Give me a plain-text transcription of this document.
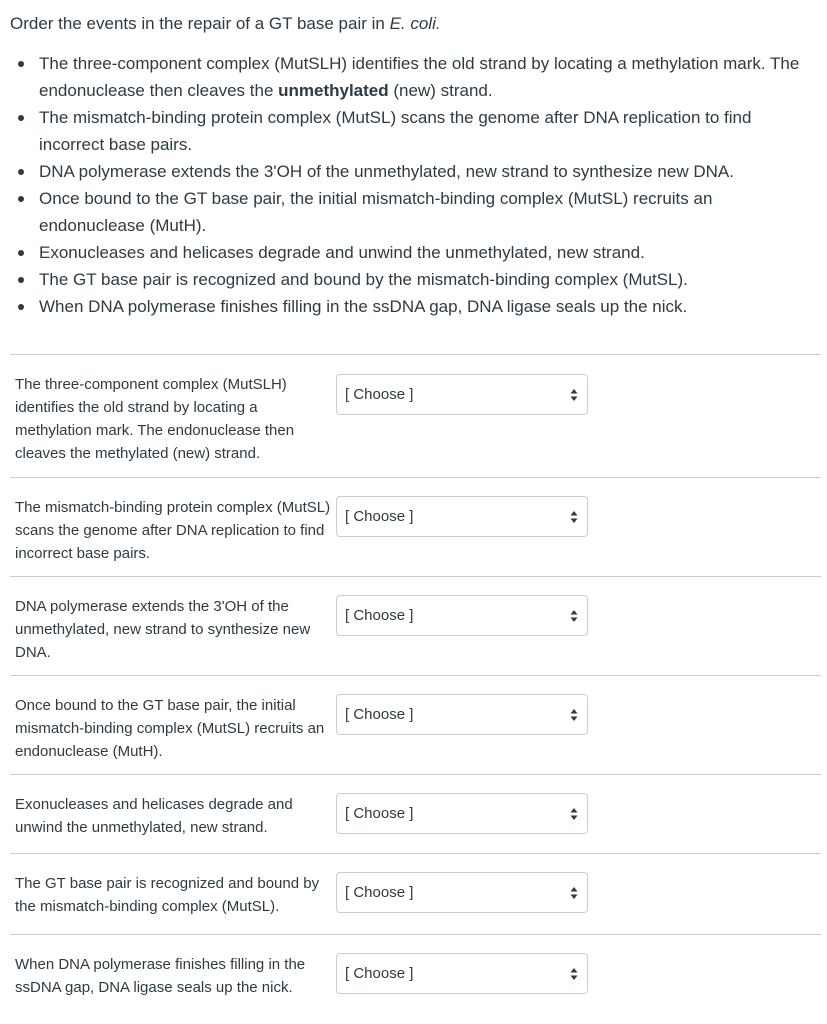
Order the events in the repair of a GT base pair in E. coli.

The three-component complex (MutSLH) identifies the old strand by locating a methylation mark. The endonuclease then cleaves the unmethylated (new) strand.
The mismatch-binding protein complex (MutSL) scans the genome after DNA replication to find incorrect base pairs.
DNA polymerase extends the 3'OH of the unmethylated, new strand to synthesize new DNA.
Once bound to the GT base pair, the initial mismatch-binding complex (MutSL) recruits an endonuclease (MutH).
Exonucleases and helicases degrade and unwind the unmethylated, new strand.
The GT base pair is recognized and bound by the mismatch-binding complex (MutSL).
When DNA polymerase finishes filling in the ssDNA gap, DNA ligase seals up the nick.
The three-component complex (MutSLH) identifies the old strand by locating a methylation mark. The endonuclease then cleaves the methylated (new) strand.
[ Choose ]
The mismatch-binding protein complex (MutSL) scans the genome after DNA replication to find incorrect base pairs.
[ Choose ]
DNA polymerase extends the 3'OH of the unmethylated, new strand to synthesize new DNA.
[ Choose ]
Once bound to the GT base pair, the initial mismatch-binding complex (MutSL) recruits an endonuclease (MutH).
[ Choose ]
Exonucleases and helicases degrade and unwind the unmethylated, new strand.
[ Choose ]
The GT base pair is recognized and bound by the mismatch-binding complex (MutSL).
[ Choose ]
When DNA polymerase finishes filling in the ssDNA gap, DNA ligase seals up the nick.
[ Choose ]
